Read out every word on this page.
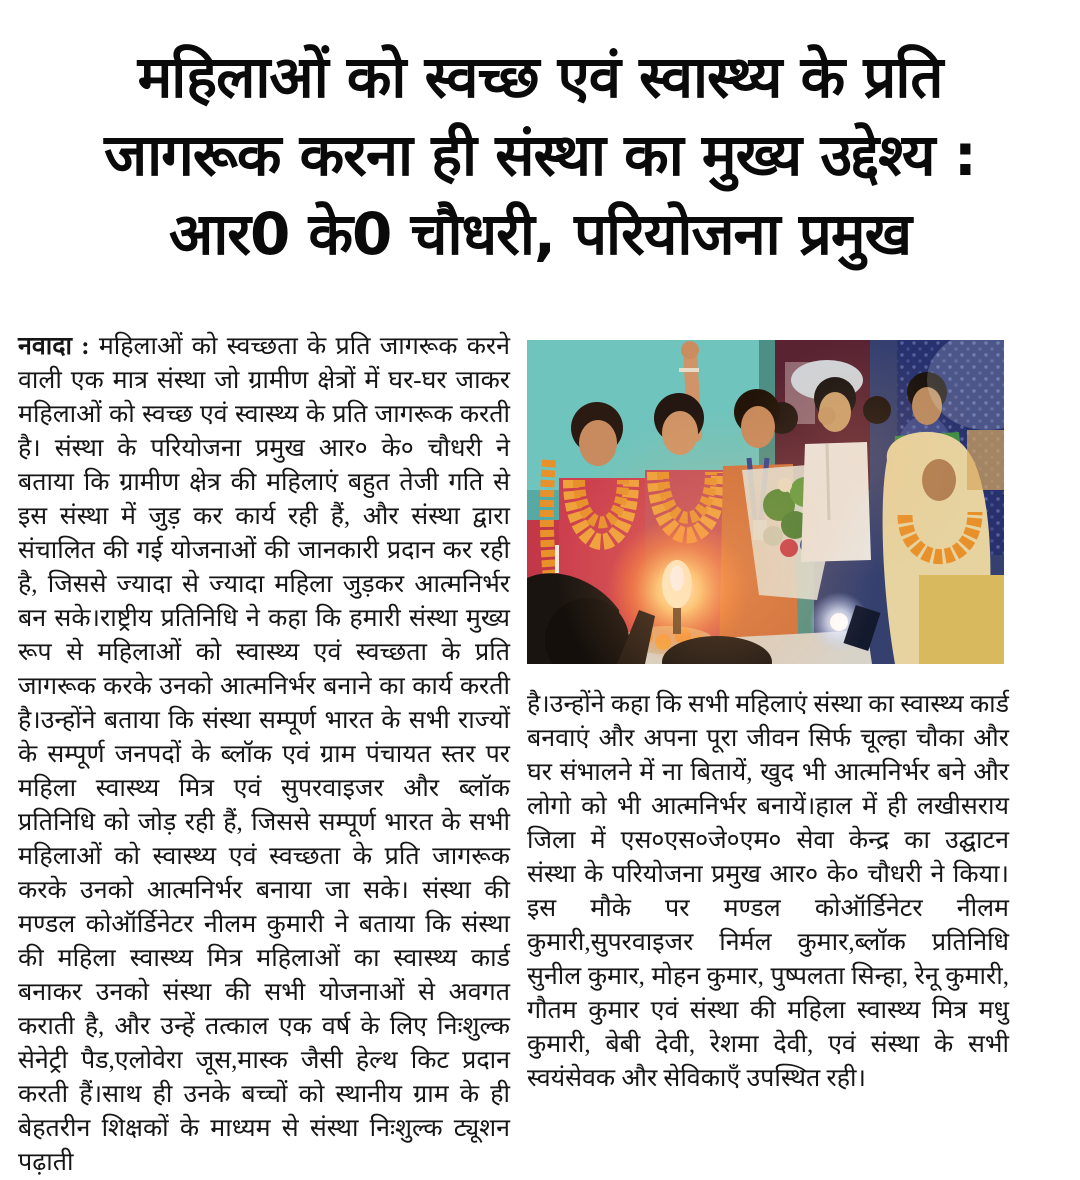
महिलाओं को स्वच्छ एवं स्वास्थ्य के प्रति
जागरूक करना ही संस्था का मुख्य उद्देश्य :
आर0 के0 चौधरी, परियोजना प्रमुख

नवादा : महिलाओं को स्वच्छता के प्रति जागरूक करने वाली एक मात्र संस्था जो ग्रामीण क्षेत्रों में घर-घर जाकर महिलाओं को स्वच्छ एवं स्वास्थ्य के प्रति जागरूक करती है। संस्था के परियोजना प्रमुख आर० के० चौधरी ने बताया कि ग्रामीण क्षेत्र की महिलाएं बहुत तेजी गति से इस संस्था में जुड़ कर कार्य रही हैं, और संस्था द्वारा संचालित की गई योजनाओं की जानकारी प्रदान कर रही है, जिससे ज्यादा से ज्यादा महिला जुड़कर आत्मनिर्भर बन सके।राष्ट्रीय प्रतिनिधि ने कहा कि हमारी संस्था मुख्य रूप से महिलाओं को स्वास्थ्य एवं स्वच्छता के प्रति जागरूक करके उनको आत्मनिर्भर बनाने का कार्य करती है।उन्होंने बताया कि संस्था सम्पूर्ण भारत के सभी राज्यों के सम्पूर्ण जनपदों के ब्लॉक एवं ग्राम पंचायत स्तर पर महिला स्वास्थ्य मित्र एवं सुपरवाइजर और ब्लॉक प्रतिनिधि को जोड़ रही हैं, जिससे सम्पूर्ण भारत के सभी महिलाओं को स्वास्थ्य एवं स्वच्छता के प्रति जागरूक करके उनको आत्मनिर्भर बनाया जा सके। संस्था की मण्डल कोऑर्डिनेटर नीलम कुमारी ने बताया कि संस्था की महिला स्वास्थ्य मित्र महिलाओं का स्वास्थ्य कार्ड बनाकर उनको संस्था की सभी योजनाओं से अवगत कराती है, और उन्हें तत्काल एक वर्ष के लिए निःशुल्क सेनेट्री पैड,एलोवेरा जूस,मास्क जैसी हेल्थ किट प्रदान करती हैं।साथ ही उनके बच्चों को स्थानीय ग्राम के ही बेहतरीन शिक्षकों के माध्यम से संस्था निःशुल्क ट्यूशन पढ़ाती

है।उन्होंने कहा कि सभी महिलाएं संस्था का स्वास्थ्य कार्ड बनवाएं और अपना पूरा जीवन सिर्फ चूल्हा चौका और घर संभालने में ना बितायें, खुद भी आत्मनिर्भर बने और लोगो को भी आत्मनिर्भर बनायें।हाल में ही लखीसराय जिला में एस०एस०जे०एम० सेवा केन्द्र का उद्घाटन संस्था के परियोजना प्रमुख आर० के० चौधरी ने किया।इस मौके पर मण्डल कोऑर्डिनेटर नीलम कुमारी,सुपरवाइजर निर्मल कुमार,ब्लॉक प्रतिनिधि सुनील कुमार, मोहन कुमार, पुष्पलता सिन्हा, रेनू कुमारी, गौतम कुमार एवं संस्था की महिला स्वास्थ्य मित्र मधु कुमारी, बेबी देवी, रेशमा देवी, एवं संस्था के सभी स्वयंसेवक और सेविकाएँ उपस्थित रही।
